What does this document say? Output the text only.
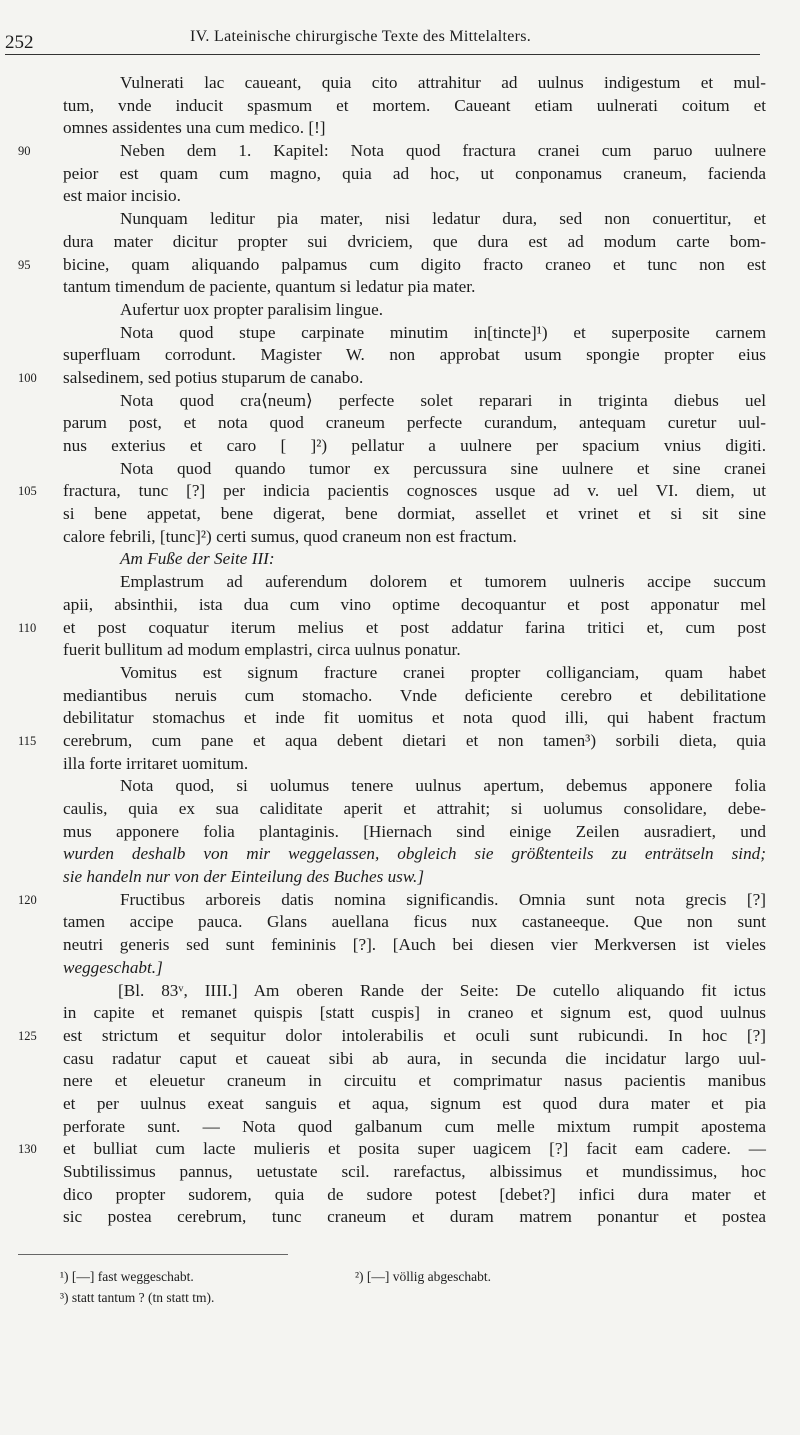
252	IV. Lateinische chirurgische Texte des Mittelalters.
Vulnerati lac caueant, quia cito attrahitur ad uulnus indigestum et mul-
tum, vnde inducit spasmum et mortem. Caueant etiam uulnerati coitum et
omnes assidentes una cum medico. [!]
90	Neben dem 1. Kapitel: Nota quod fractura cranei cum paruo uulnere
peior est quam cum magno, quia ad hoc, ut conponamus craneum, facienda
est maior incisio.
Nunquam leditur pia mater, nisi ledatur dura, sed non conuertitur, et
dura mater dicitur propter sui dvriciem, que dura est ad modum carte bom-
95	bicine, quam aliquando palpamus cum digito fracto craneo et tunc non est
tantum timendum de paciente, quantum si ledatur pia mater.
Aufertur uox propter paralisim lingue.
Nota quod stupe carpinate minutim in[tincte]¹) et superposite carnem
superfluam corrodunt. Magister W. non approbat usum spongie propter eius
100	salsedinem, sed potius stuparum de canabo.
Nota quod cra⟨neum⟩ perfecte solet reparari in triginta diebus uel
parum post, et nota quod craneum perfecte curandum, antequam curetur uul-
nus exterius et caro [ ]²) pellatur a uulnere per spacium vnius digiti.
Nota quod quando tumor ex percussura sine uulnere et sine cranei
105	fractura, tunc [?] per indicia pacientis cognosces usque ad v. uel VI. diem, ut
si bene appetat, bene digerat, bene dormiat, assellet et vrinet et si sit sine
calore febrili, [tunc]²) certi sumus, quod craneum non est fractum.
Am Fuße der Seite III:
Emplastrum ad auferendum dolorem et tumorem uulneris accipe succum
apii, absinthii, ista dua cum vino optime decoquantur et post apponatur mel
110	et post coquatur iterum melius et post addatur farina tritici et, cum post
fuerit bullitum ad modum emplastri, circa uulnus ponatur.
Vomitus est signum fracture cranei propter colliganciam, quam habet
mediantibus neruis cum stomacho. Vnde deficiente cerebro et debilitatione
debilitatur stomachus et inde fit uomitus et nota quod illi, qui habent fractum
115	cerebrum, cum pane et aqua debent dietari et non tamen³) sorbili dieta, quia
illa forte irritaret uomitum.
Nota quod, si uolumus tenere uulnus apertum, debemus apponere folia
caulis, quia ex sua caliditate aperit et attrahit; si uolumus consolidare, debe-
mus apponere folia plantaginis. [Hiernach sind einige Zeilen ausradiert, und
wurden deshalb von mir weggelassen, obgleich sie größtenteils zu enträtseln sind;
sie handeln nur von der Einteilung des Buches usw.]
120	Fructibus arboreis datis nomina significandis. Omnia sunt nota grecis [?]
tamen accipe pauca. Glans auellana ficus nux castaneeque. Que non sunt
neutri generis sed sunt femininis [?]. [Auch bei diesen vier Merkversen ist vieles
weggeschabt.]
[Bl. 83ᵛ, IIII.] Am oberen Rande der Seite: De cutello aliquando fit ictus
in capite et remanet quispis [statt cuspis] in craneo et signum est, quod uulnus
125	est strictum et sequitur dolor intolerabilis et oculi sunt rubicundi. In hoc [?]
casu radatur caput et caueat sibi ab aura, in secunda die incidatur largo uul-
nere et eleuetur craneum in circuitu et comprimatur nasus pacientis manibus
et per uulnus exeat sanguis et aqua, signum est quod dura mater et pia
perforate sunt. — Nota quod galbanum cum melle mixtum rumpit apostema
130	et bulliat cum lacte mulieris et posita super uagicem [?] facit eam cadere. —
Subtilissimus pannus, uetustate scil. rarefactus, albissimus et mundissimus, hoc
dico propter sudorem, quia de sudore potest [debet?] infici dura mater et
sic postea cerebrum, tunc craneum et duram matrem ponantur et postea
¹) [—] fast weggeschabt.	²) [—] völlig abgeschabt.
³) statt tantum ? (tn statt tm).
